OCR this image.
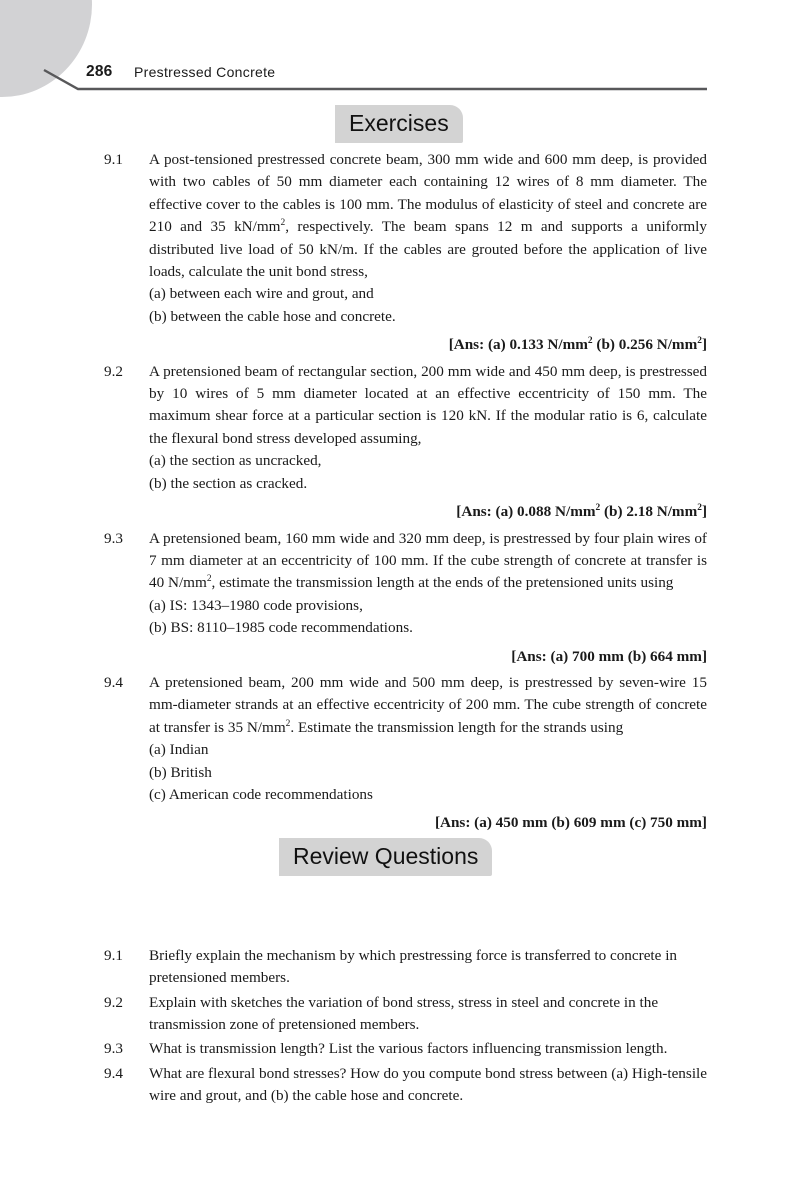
286 Prestressed Concrete
Exercises
Review Questions
9.1	A post-tensioned prestressed concrete beam, 300 mm wide and 600 mm deep, is provided with two cables of 50 mm diameter each containing 12 wires of 8 mm diameter. The effective cover to the cables is 100 mm. The modulus of elasticity of steel and concrete are 210 and 35 $kN/mm^2$, respectively. The beam spans 12 m and supports a uniformly distributed live load of 50 kN/m. If the cables are grouted before the application of live loads, calculate the unit bond stress,
(a) between each wire and grout, and
(b) between the cable hose and concrete.
[Ans: (a) 0.133 $N/mm^2$ (b) 0.256 $N/mm^2$]
9.2	A pretensioned beam of rectangular section, 200 mm wide and 450 mm deep, is prestressed by 10 wires of 5 mm diameter located at an effective eccentricity of 150 mm. The maximum shear force at a particular section is 120 kN. If the modular ratio is 6, calculate the flexural bond stress developed assuming,
(a) the section as uncracked,
(b) the section as cracked.
[Ans: (a) 0.088 $N/mm^2$ (b) 2.18 $N/mm^2$]
9.3	A pretensioned beam, 160 mm wide and 320 mm deep, is prestressed by four plain wires of 7 mm diameter at an eccentricity of 100 mm. If the cube strength of concrete at transfer is 40 $N/mm^2$, estimate the transmission length at the ends of the pretensioned units using
(a) IS: 1343–1980 code provisions,
(b) BS: 8110–1985 code recommendations.
[Ans: (a) 700 mm (b) 664 mm]
9.4	A pretensioned beam, 200 mm wide and 500 mm deep, is prestressed by seven-wire 15 mm-diameter strands at an effective eccentricity of 200 mm. The cube strength of concrete at transfer is 35 $N/mm^2$. Estimate the transmission length for the strands using
(a) Indian
(b) British
(c) American code recommendations
[Ans: (a) 450 mm (b) 609 mm (c) 750 mm]
9.1	Briefly explain the mechanism by which prestressing force is transferred to concrete in pretensioned members.
9.2	Explain with sketches the variation of bond stress, stress in steel and concrete in the transmission zone of pretensioned members.
9.3	What is transmission length? List the various factors influencing transmission length.
9.4	What are flexural bond stresses? How do you compute bond stress between (a) High-tensile wire and grout, and (b) the cable hose and concrete.
